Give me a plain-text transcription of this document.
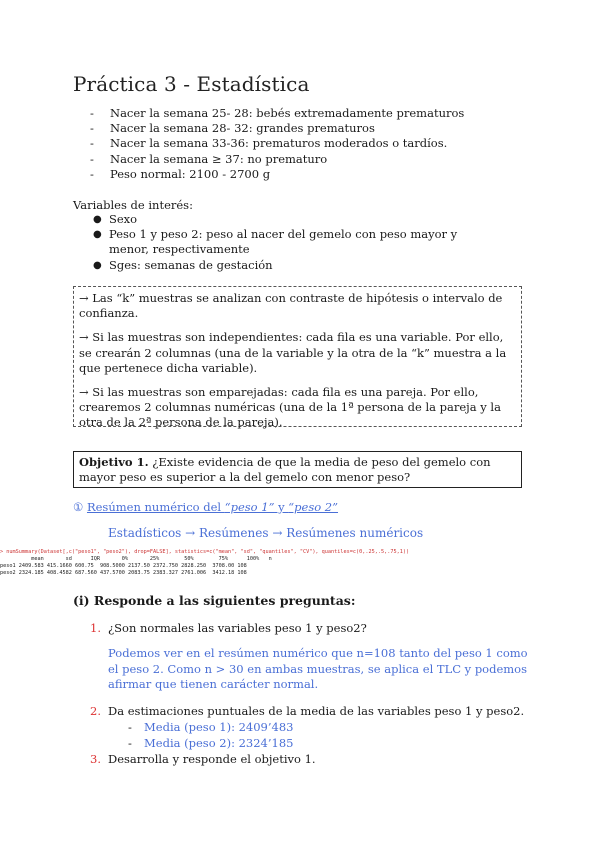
Práctica 3 - Estadística
- Nacer la semana 25- 28: bebés extremadamente prematuros
- Nacer la semana 28- 32: grandes prematuros
- Nacer la semana 33-36: prematuros moderados o tardíos.
- Nacer la semana ≥ 37: no prematuro
- Peso normal: 2100 - 2700 g
Variables de interés:
● Sexo
● Peso 1 y peso 2: peso al nacer del gemelo con peso mayor y menor, respectivamente
● Sges: semanas de gestación

→ Las “k” muestras se analizan con contraste de hipótesis o intervalo de confianza.

→ Si las muestras son independientes: cada fila es una variable. Por ello, se crearán 2 columnas (una de la variable y la otra de la “k” muestra a la que pertenece dicha variable).

→ Si las muestras son emparejadas: cada fila es una pareja. Por ello, crearemos 2 columnas numéricas (una de la 1ª persona de la pareja y la otra de la 2ª persona de la pareja).

Objetivo 1. ¿Existe evidencia de que la media de peso del gemelo con mayor peso es superior a la del gemelo con menor peso?
① Resúmen numérico del “peso 1” y “peso 2”
Estadísticos → Resúmenes → Resúmenes numéricos
> numSummary(Dataset[,c("peso1", "peso2"), drop=FALSE], statistics=c("mean", "sd", "quantiles", "CV"), quantiles=c(0,.25,.5,.75,1))
mean       sd      IQR       0%       25%        50%        75%      100%   n
peso1 2409.583 415.1660 600.75  908.5000 2137.50 2372.750 2828.250  3708.00 108
peso2 2324.185 408.4582 687.560 437.5700 2083.75 2383.327 2761.006  3412.18 108
(i) Responde a las siguientes preguntas:
1. ¿Son normales las variables peso 1 y peso2?
Podemos ver en el resúmen numérico que n=108 tanto del peso 1 como el peso 2. Como n > 30 en ambas muestras, se aplica el TLC y podemos afirmar que tienen carácter normal.
2. Da estimaciones puntuales de la media de las variables peso 1 y peso2.
- Media (peso 1): 2409’483
- Media (peso 2): 2324’185
3. Desarrolla y responde el objetivo 1.
